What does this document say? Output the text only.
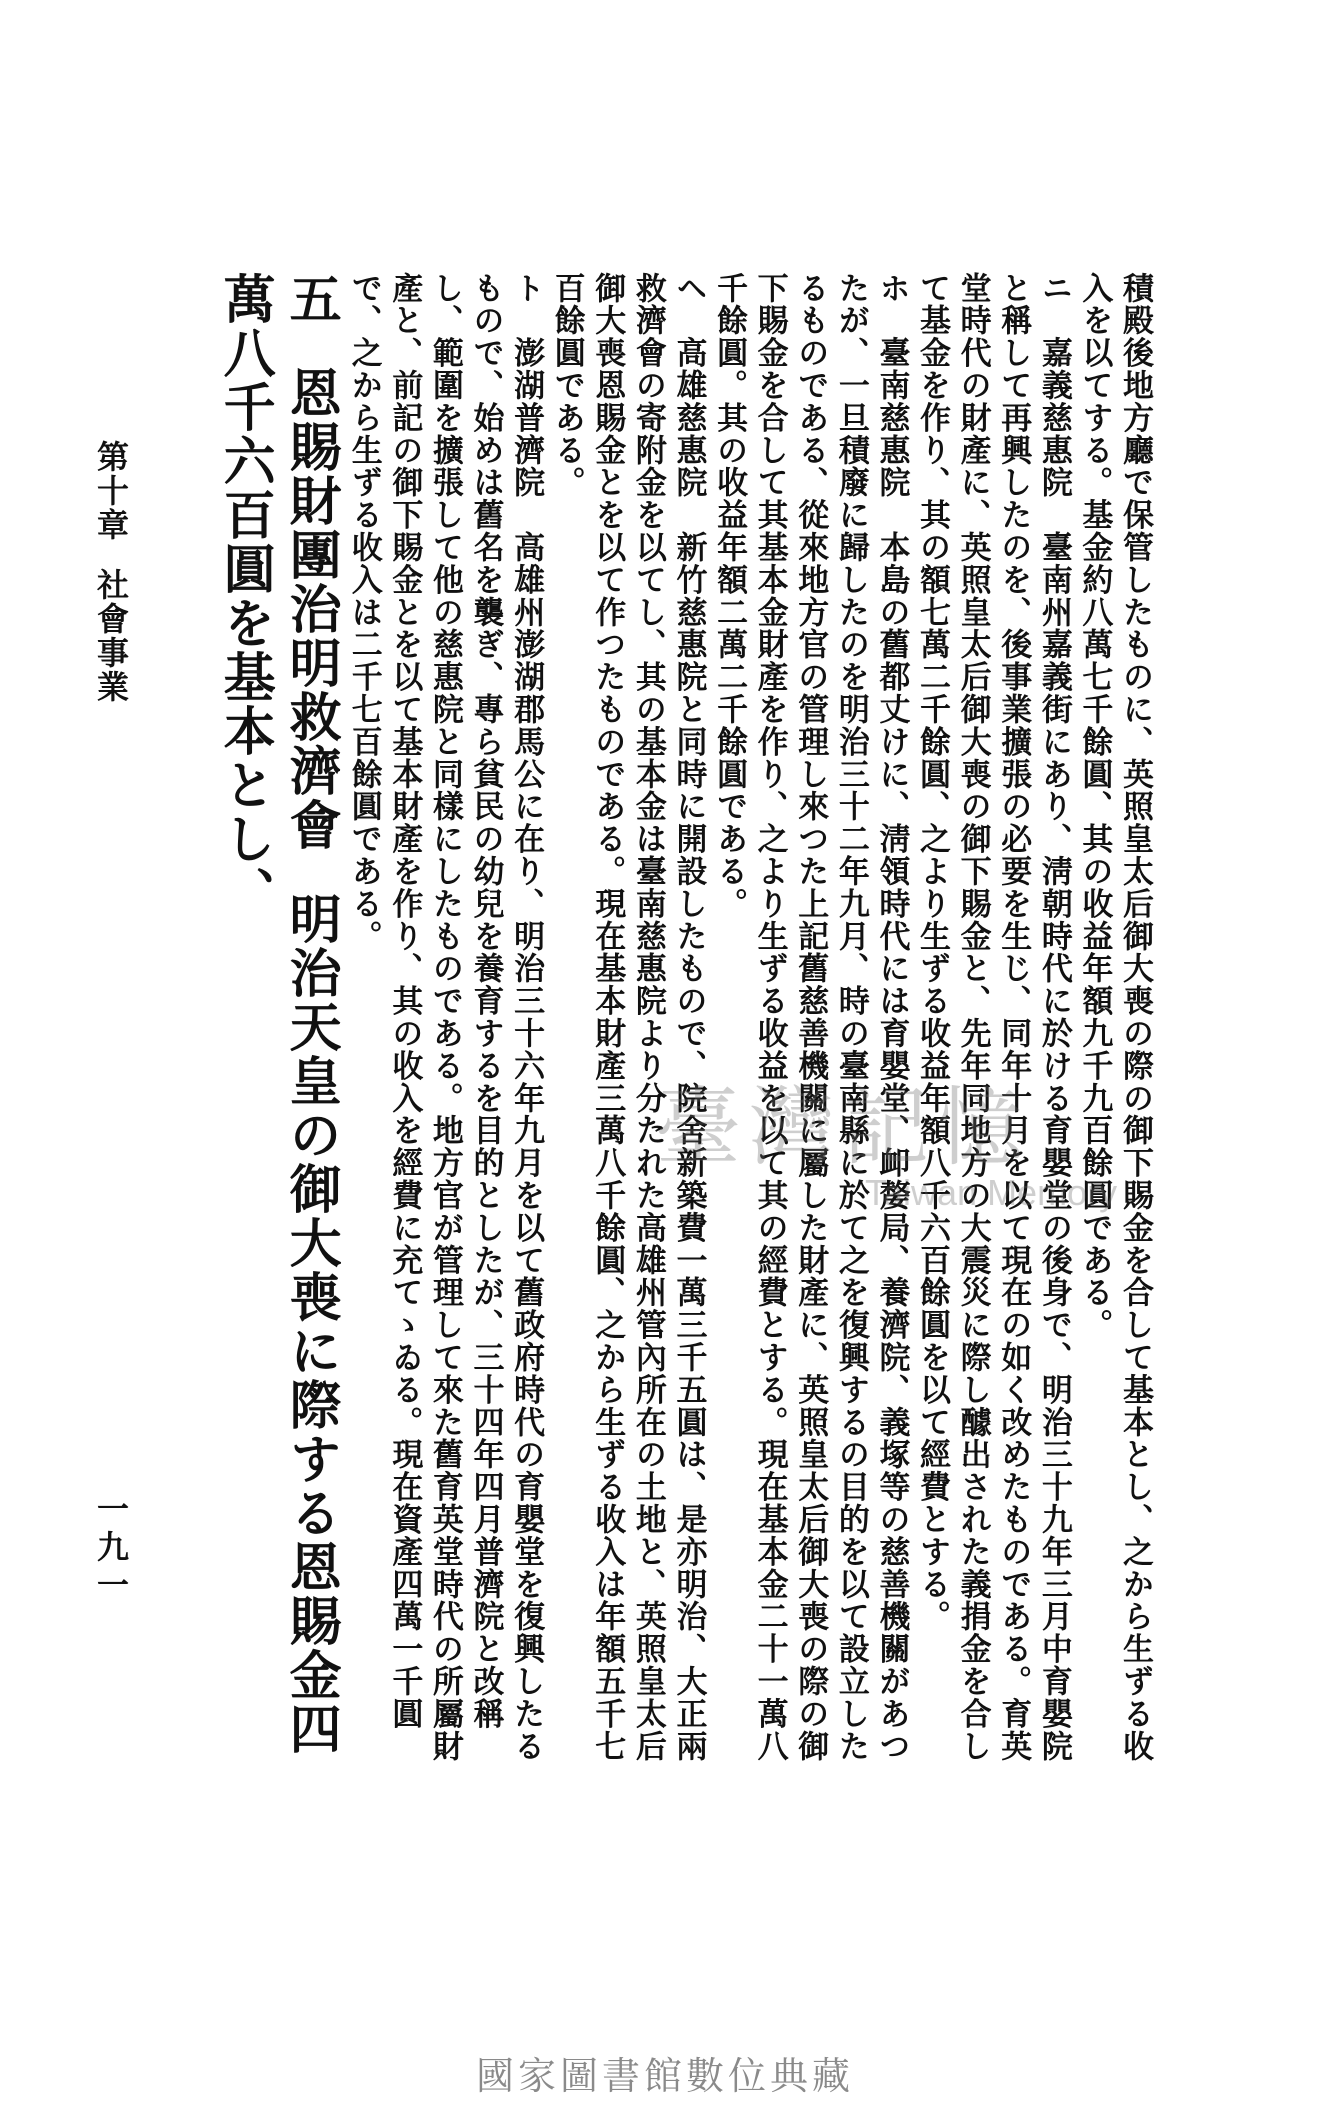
積殿後地方廳で保管したものに、英照皇太后御大喪の際の御下賜金を合して基本とし、之から生ずる收入を以てする。基金約八萬七千餘圓、其の收益年額九千九百餘圓である。

ニ　嘉義慈惠院　臺南州嘉義街にあり、淸朝時代に於ける育嬰堂の後身で、明治三十九年三月中育嬰院と稱して再興したのを、後事業擴張の必要を生じ、同年十月を以て現在の如く改めたものである。育英堂時代の財產に、英照皇太后御大喪の御下賜金と、先年同地方の大震災に際し醵出された義捐金を合して基金を作り、其の額七萬二千餘圓、之より生ずる收益年額八千六百餘圓を以て經費とする。

ホ　臺南慈惠院　本島の舊都丈けに、淸領時代には育嬰堂、卹嫠局、養濟院、義塚等の慈善機關があつたが、一旦積廢に歸したのを明治三十二年九月、時の臺南縣に於て之を復興するの目的を以て設立したるものである、從來地方官の管理し來つた上記舊慈善機關に屬した財產に、英照皇太后御大喪の際の御下賜金を合して其基本金財產を作り、之より生ずる收益を以て其の經費とする。現在基本金二十一萬八千餘圓。其の收益年額二萬二千餘圓である。

ヘ　高雄慈惠院　新竹慈惠院と同時に開設したもので、院舍新築費一萬三千五圓は、是亦明治、大正兩救濟會の寄附金を以てし、其の基本金は臺南慈惠院より分たれた高雄州管內所在の土地と、英照皇太后御大喪恩賜金とを以て作つたものである。現在基本財產三萬八千餘圓、之から生ずる收入は年額五千七百餘圓である。

ト　澎湖普濟院　高雄州澎湖郡馬公に在り、明治三十六年九月を以て舊政府時代の育嬰堂を復興したるもので、始めは舊名を襲ぎ、專ら貧民の幼兒を養育するを目的としたが、三十四年四月普濟院と改稱し、範圍を擴張して他の慈惠院と同樣にしたものである。地方官が管理して來た舊育英堂時代の所屬財產と、前記の御下賜金とを以て基本財產を作り、其の收入を經費に充てゝゐる。現在資產四萬一千圓で、之から生ずる收入は二千七百餘圓である。

五恩賜財團治明救濟會明治天皇の御大喪に際する恩賜金四萬八千六百圓を基本とし、

第十章社會事業
一九一
臺灣記憶
Taiwan Memory
國家圖書館數位典藏
